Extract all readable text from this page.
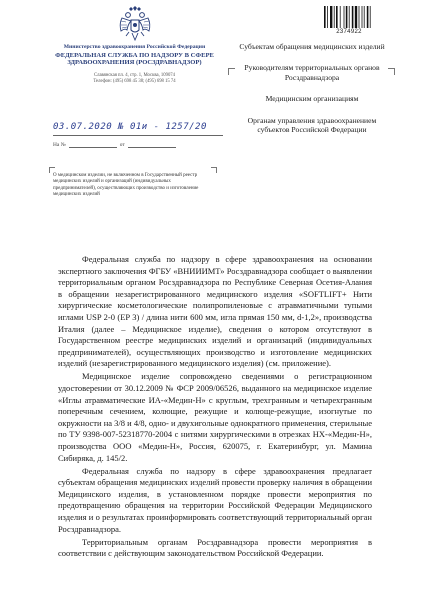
2374922
Министерство здравоохранения Российской Федерации
ФЕДЕРАЛЬНАЯ СЛУЖБА ПО НАДЗОРУ В СФЕРЕ ЗДРАВООХРАНЕНИЯ (РОСЗДРАВНАДЗОР)
Славянская пл. 4, стр. 1, Москва, 109074
Телефон: (495) 698 45 38; (495) 698 15 74
03.07.2020 № 01и - 1257/20
На №	от
О медицинском изделии, не включенном в Государственный реестр медицинских изделий и организаций (индивидуальных предпринимателей), осуществляющих производство и изготовление медицинских изделий
Субъектам обращения медицинских изделий
Руководителям территориальных органов Росздравнадзора
Медицинским организациям
Органам управления здравоохранением субъектов Российской Федерации

Федеральная служба по надзору в сфере здравоохранения на основании экспертного заключения ФГБУ «ВНИИИМТ» Росздравнадзора сообщает о выявлении территориальным органом Росздравнадзора по Республике Северная Осетия-Алания в обращении незарегистрированного медицинского изделия «SOFTLIFT+ Нити хирургические косметологические полипропиленовые с атравматичными тупыми иглами USP 2-0 (EP 3) / длина нити 600 мм, игла прямая 150 мм, d-1,2», производства Италия (далее – Медицинское изделие), сведения о котором отсутствуют в Государственном реестре медицинских изделий и организаций (индивидуальных предпринимателей), осуществляющих производство и изготовление медицинских изделий (незарегистрированного медицинского изделия) (см. приложение).

Медицинское изделие сопровождено сведениями о регистрационном удостоверении от 30.12.2009 № ФСР 2009/06526, выданного на медицинское изделие «Иглы атравматические ИА-«Медин-Н» с круглым, трехгранным и четырехгранным поперечным сечением, колющие, режущие и колюще-режущие, изогнутые по окружности на 3/8 и 4/8, одно- и двухигольные однократного применения, стерильные по ТУ 9398-007-52318770-2004 с нитями хирургическими в отрезках НХ-«Медин-Н», производства ООО «Медин-Н», Россия, 620075, г. Екатеринбург, ул. Мамина Сибиряка, д. 145/2.

Федеральная служба по надзору в сфере здравоохранения предлагает субъектам обращения медицинских изделий провести проверку наличия в обращении Медицинского изделия, в установленном порядке провести мероприятия по предотвращению обращения на территории Российской Федерации Медицинского изделия и о результатах проинформировать соответствующий территориальный орган Росздравнадзора.

Территориальным органам Росздравнадзора провести мероприятия в соответствии с действующим законодательством Российской Федерации.
